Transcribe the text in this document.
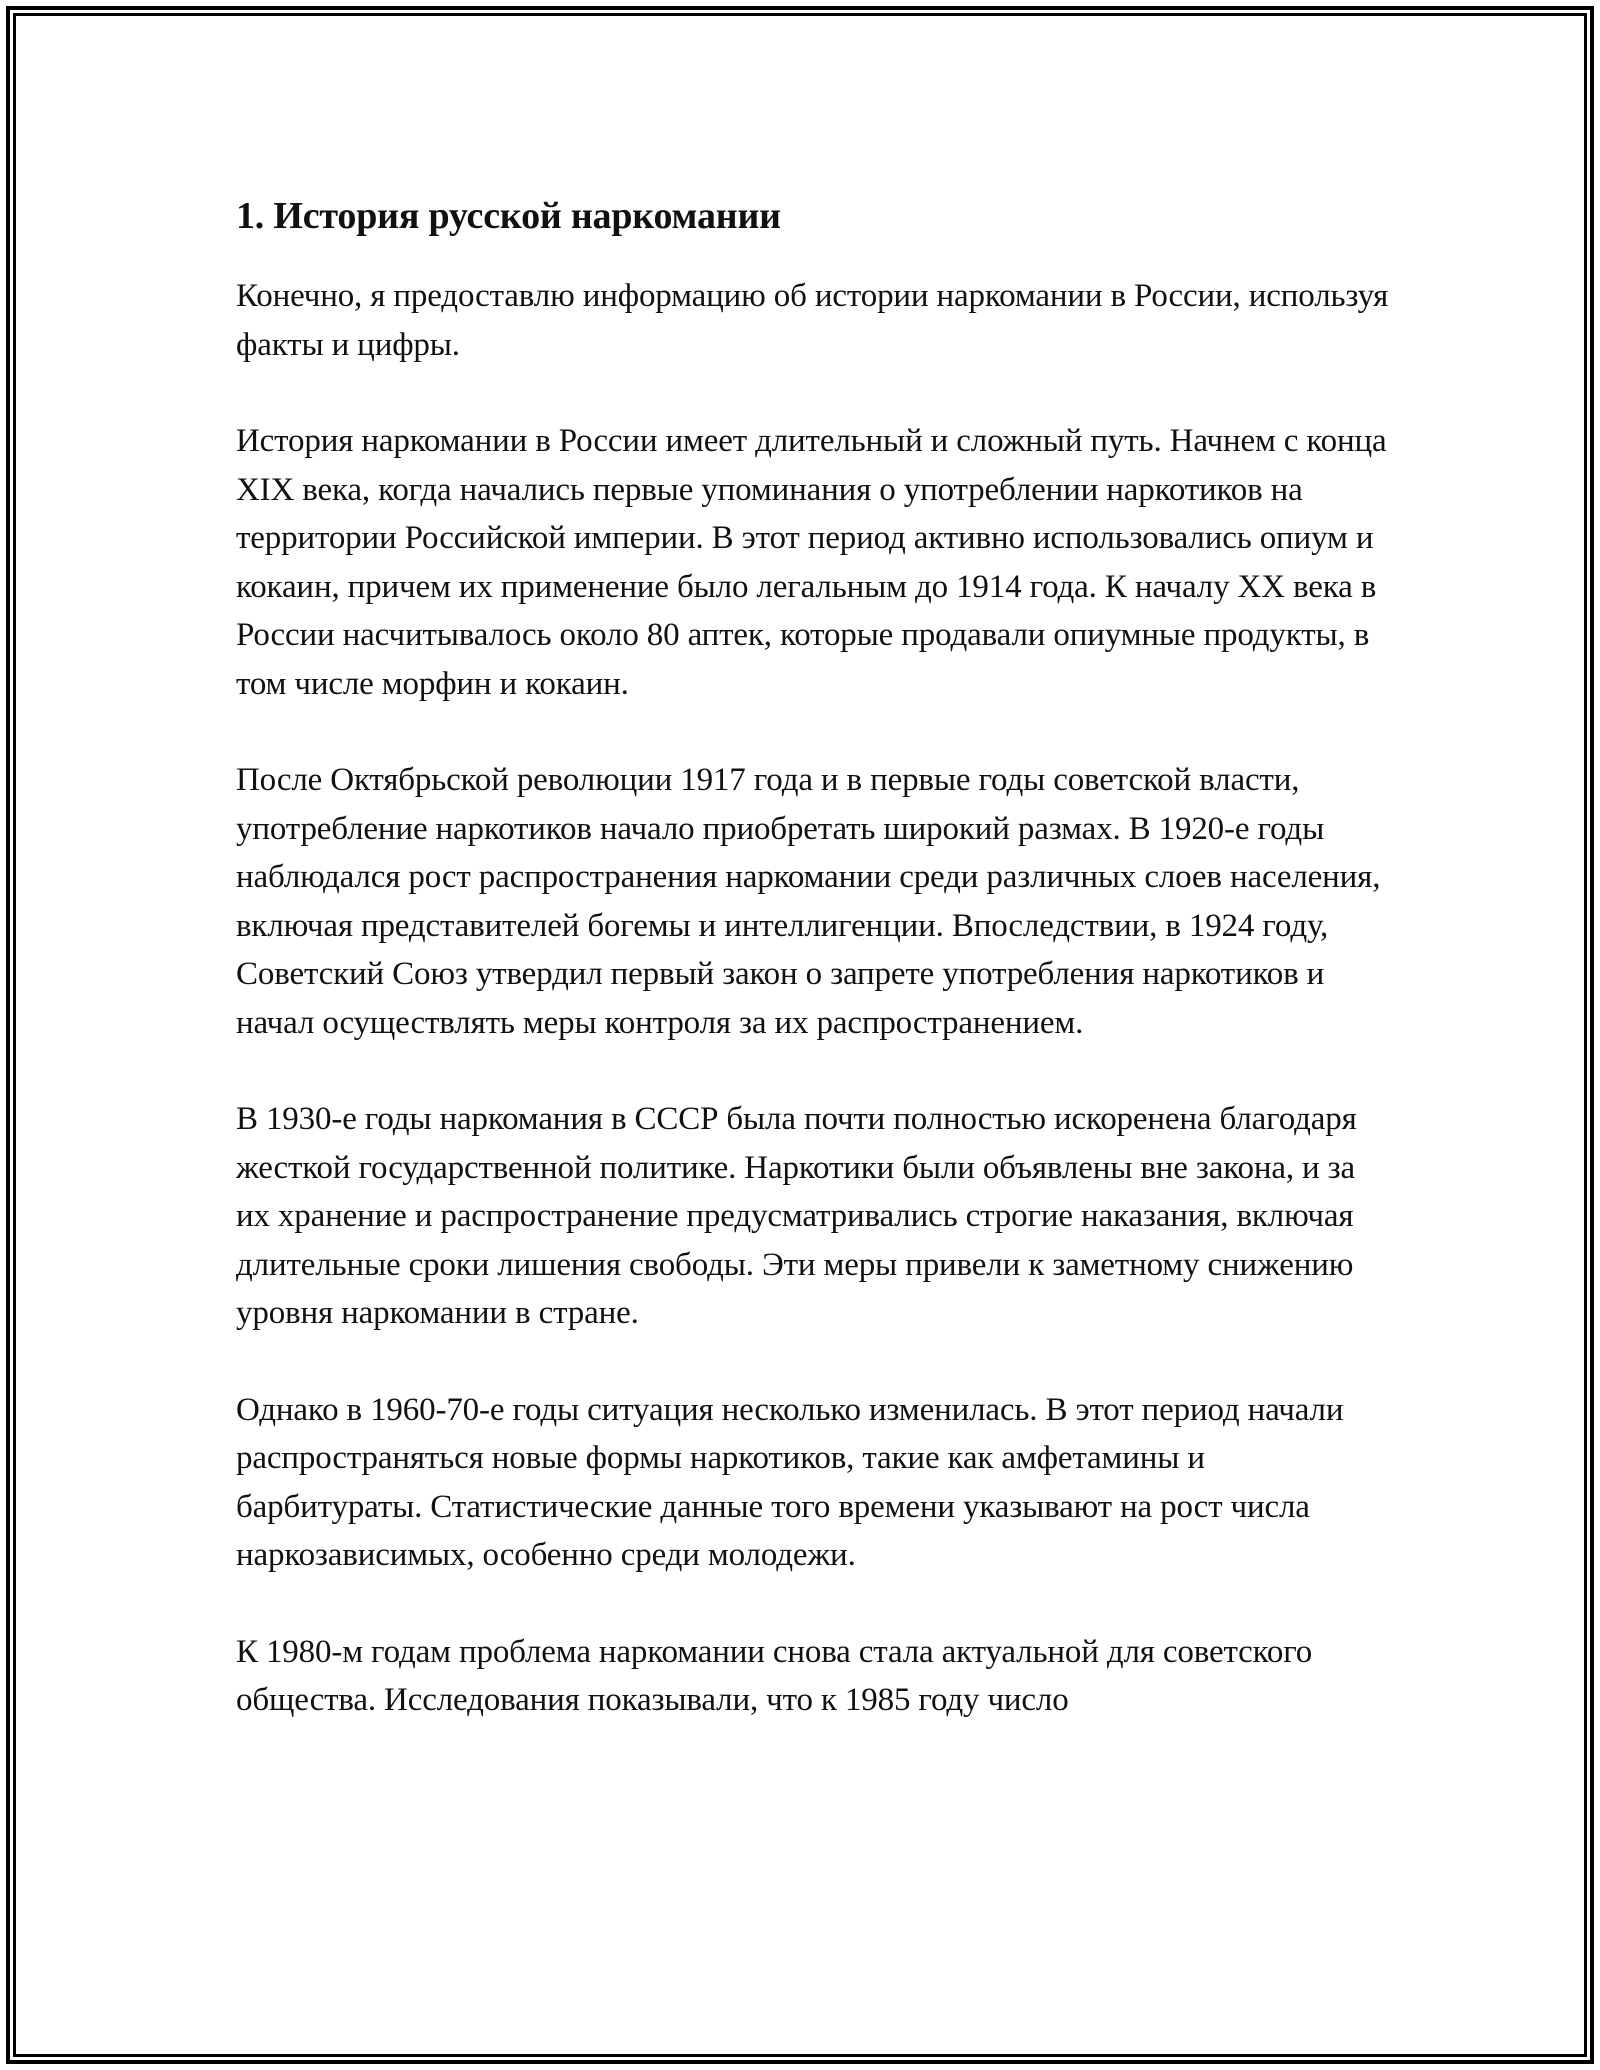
1. История русской наркомании

Конечно, я предоставлю информацию об истории наркомании в России, используя факты и цифры.

История наркомании в России имеет длительный и сложный путь. Начнем с конца XIX века, когда начались первые упоминания о употреблении наркотиков на территории Российской империи. В этот период активно использовались опиум и кокаин, причем их применение было легальным до 1914 года. К началу XX века в России насчитывалось около 80 аптек, которые продавали опиумные продукты, в том числе морфин и кокаин.

После Октябрьской революции 1917 года и в первые годы советской власти, употребление наркотиков начало приобретать широкий размах. В 1920-е годы наблюдался рост распространения наркомании среди различных слоев населения, включая представителей богемы и интеллигенции. Впоследствии, в 1924 году, Советский Союз утвердил первый закон о запрете употребления наркотиков и начал осуществлять меры контроля за их распространением.

В 1930-е годы наркомания в СССР была почти полностью искоренена благодаря жесткой государственной политике. Наркотики были объявлены вне закона, и за их хранение и распространение предусматривались строгие наказания, включая длительные сроки лишения свободы. Эти меры привели к заметному снижению уровня наркомании в стране.

Однако в 1960-70-е годы ситуация несколько изменилась. В этот период начали распространяться новые формы наркотиков, такие как амфетамины и барбитураты. Статистические данные того времени указывают на рост числа наркозависимых, особенно среди молодежи.

К 1980-м годам проблема наркомании снова стала актуальной для советского общества. Исследования показывали, что к 1985 году число
